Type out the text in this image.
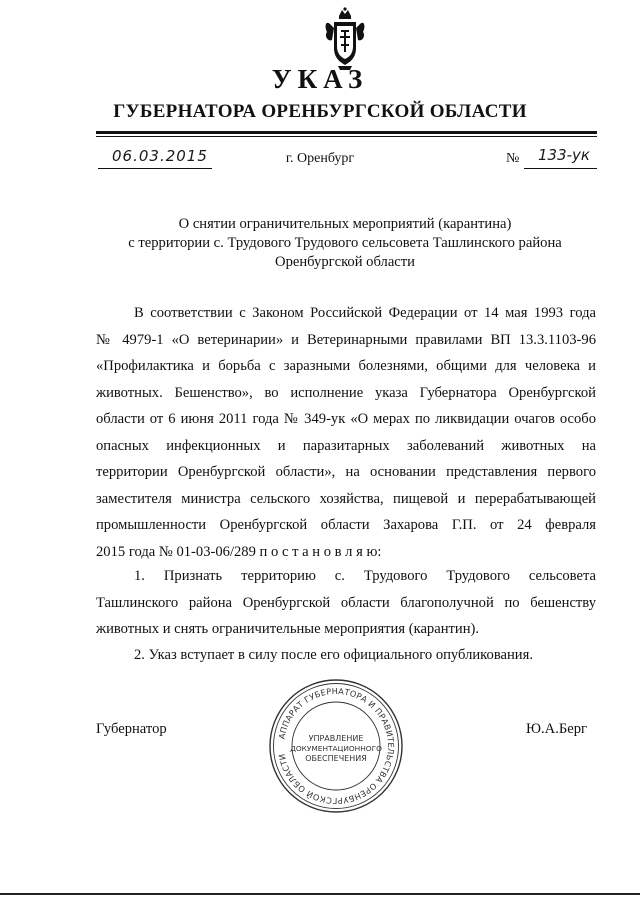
УКАЗ
ГУБЕРНАТОРА ОРЕНБУРГСКОЙ ОБЛАСТИ
06.03.2015	г. Оренбург	№ 133-ук
О снятии ограничительных мероприятий (карантина)
с территории с. Трудового Трудового сельсовета Ташлинского района
Оренбургской области
В соответствии с Законом Российской Федерации от 14 мая 1993 года
№ 4979-1 «О ветеринарии» и Ветеринарными правилами ВП 13.3.1103-96
«Профилактика и борьба с заразными болезнями, общими для человека и
животных. Бешенство», во исполнение указа Губернатора Оренбургской
области от 6 июня 2011 года № 349-ук «О мерах по ликвидации очагов особо
опасных инфекционных и паразитарных заболеваний животных на
территории Оренбургской области», на основании представления первого
заместителя министра сельского хозяйства, пищевой и перерабатывающей
промышленности Оренбургской области Захарова Г.П. от 24 февраля
2015 года № 01-03-06/289 п о с т а н о в л я ю:
1. Признать территорию с. Трудового Трудового сельсовета
Ташлинского района Оренбургской области благополучной по бешенству
животных и снять ограничительные мероприятия (карантин).
2. Указ вступает в силу после его официального опубликования.
Губернатор	Ю.А.Берг
АППАРАТ ГУБЕРНАТОРА И ПРАВИТЕЛЬСТВА ОРЕНБУРГСКОЙ ОБЛАСТИ
УПРАВЛЕНИЕ
ДОКУМЕНТАЦИОННОГО
ОБЕСПЕЧЕНИЯ
